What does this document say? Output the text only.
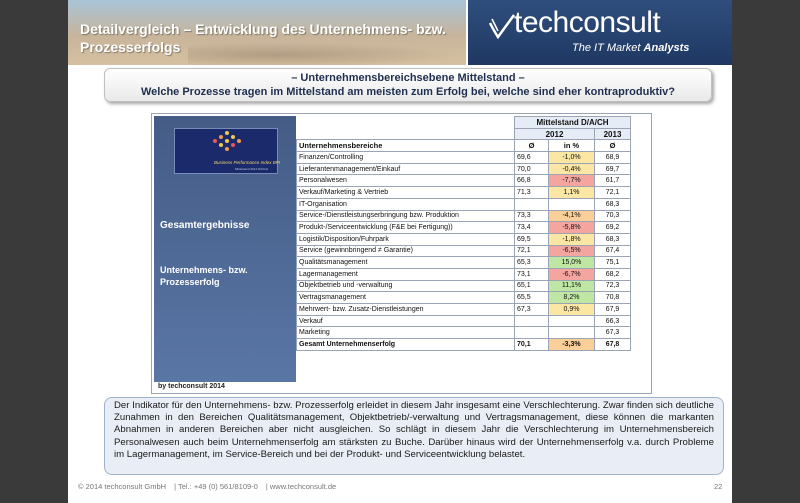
Detailvergleich – Entwicklung des Unternehmens- bzw. Prozesserfolgs
techconsult
The IT Market Analysts
– Unternehmensbereichsebene Mittelstand –
Welche Prozesse tragen im Mittelstand am meisten zum Erfolg bei, welche sind eher kontraproduktiv?
Business Performance Index BPI
Mittelstand 2014 D/A/CH
Gesamtergebnisse
Unternehmens- bzw. Prozesserfolg
by techconsult 2014
	Mittelstand D/A/CH		
	2012		2013
Unternehmensbereiche	Ø	in %	Ø
Finanzen/Controlling	69,6	-1,0%	68,9
Lieferantenmanagement/Einkauf	70,0	-0,4%	69,7
Personalwesen	66,8	-7,7%	61,7
Verkauf/Marketing & Vertrieb	71,3	1,1%	72,1
IT-Organisation			68,3
Service-/Dienstleistungserbringung bzw. Produktion	73,3	-4,1%	70,3
Produkt-/Serviceentwicklung (F&E bei Fertigung))	73,4	-5,8%	69,2
Logistik/Disposition/Fuhrpark	69,5	-1,8%	68,3
Service (gewinnbringend ≠ Garantie)	72,1	-6,5%	67,4
Qualitätsmanagement	65,3	15,0%	75,1
Lagermanagement	73,1	-6,7%	68,2
Objektbetrieb und -verwaltung	65,1	11,1%	72,3
Vertragsmanagement	65,5	8,2%	70,8
Mehrwert- bzw. Zusatz-Dienstleistungen	67,3	0,9%	67,9
Verkauf			66,3
Marketing			67,3
Gesamt Unternehmenserfolg	70,1	-3,3%	67,8
Der Indikator für den Unternehmens- bzw. Prozesserfolg erleidet in diesem Jahr insgesamt eine Verschlechterung. Zwar finden sich deutliche Zunahmen in den Bereichen Qualitätsmanagement, Objektbetrieb/-verwaltung und Vertragsmanagement, diese können die markanten Abnahmen in anderen Bereichen aber nicht ausgleichen. So schlägt in diesem Jahr die Verschlechterung im Unternehmensbereich Personalwesen auch beim Unternehmenserfolg am stärksten zu Buche. Darüber hinaus wird der Unternehmenserfolg v.a. durch Probleme im Lagermanagement, im Service-Bereich und bei der Produkt- und Serviceentwicklung belastet.
© 2014 techconsult GmbH | Tel.: +49 (0) 561/8109-0 | www.techconsult.de	22
